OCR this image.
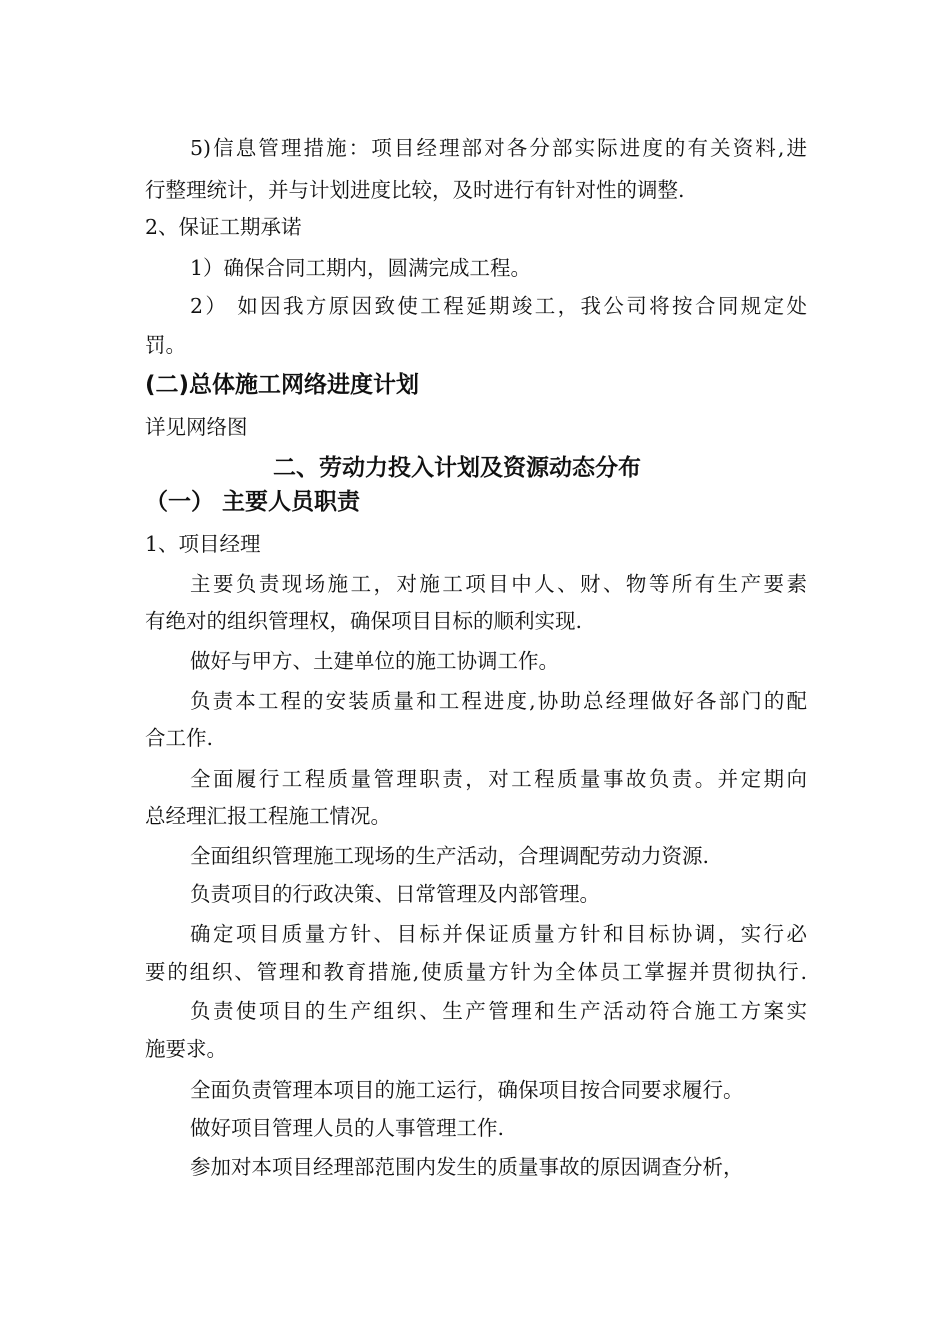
5)信息管理措施：项目经理部对各分部实际进度的有关资料,进
行整理统计，并与计划进度比较，及时进行有针对性的调整.
2、保证工期承诺
1）确保合同工期内，圆满完成工程。
2） 如因我方原因致使工程延期竣工，我公司将按合同规定处
罚。
(二)总体施工网络进度计划
详见网络图
二、劳动力投入计划及资源动态分布
（一） 主要人员职责
1、项目经理
主要负责现场施工，对施工项目中人、财、物等所有生产要素
有绝对的组织管理权，确保项目目标的顺利实现.
做好与甲方、土建单位的施工协调工作。
负责本工程的安装质量和工程进度,协助总经理做好各部门的配
合工作.
全面履行工程质量管理职责，对工程质量事故负责。并定期向
总经理汇报工程施工情况。
全面组织管理施工现场的生产活动，合理调配劳动力资源.
负责项目的行政决策、日常管理及内部管理。
确定项目质量方针、目标并保证质量方针和目标协调，实行必
要的组织、管理和教育措施,使质量方针为全体员工掌握并贯彻执行.
负责使项目的生产组织、生产管理和生产活动符合施工方案实
施要求。
全面负责管理本项目的施工运行，确保项目按合同要求履行。
做好项目管理人员的人事管理工作.
参加对本项目经理部范围内发生的质量事故的原因调查分析，
